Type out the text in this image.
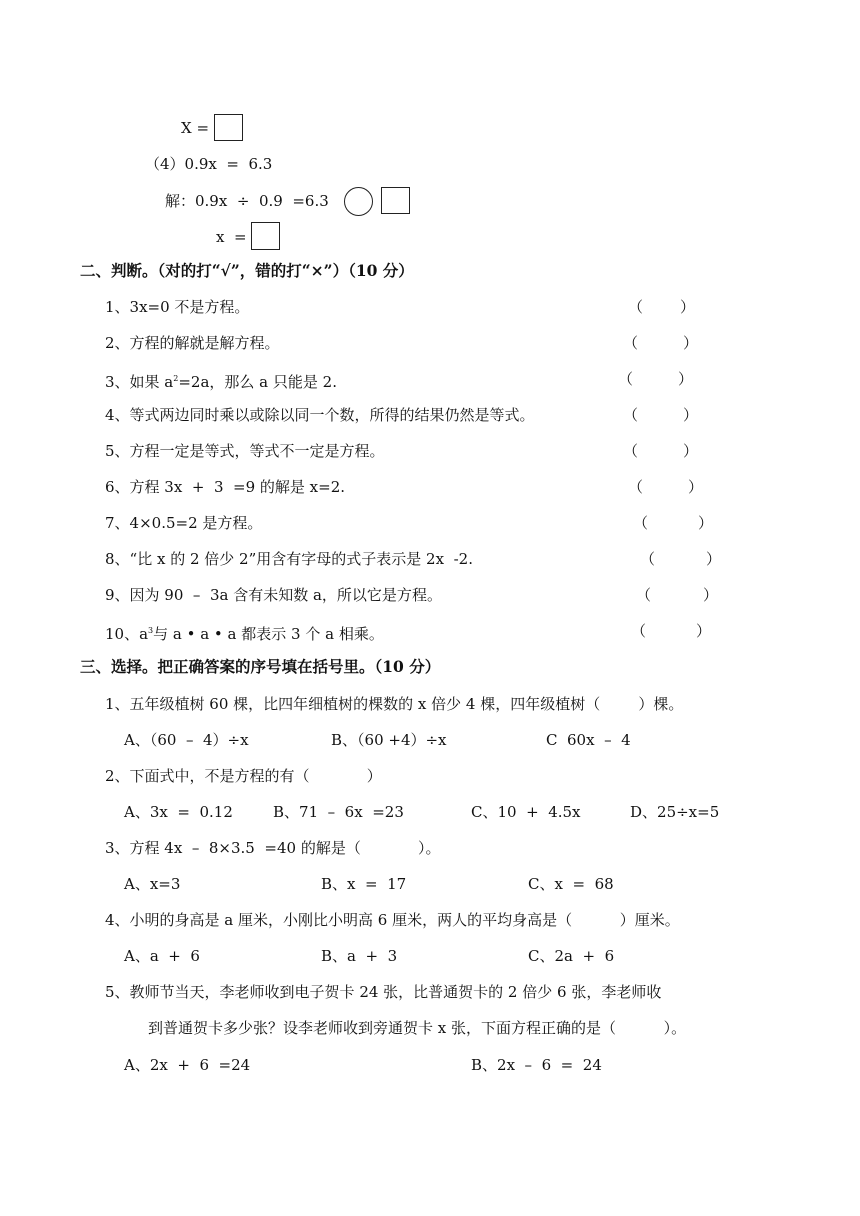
X =
（4）0.9x  =  6.3
解：0.9x  ÷  0.9  =6.3
x  =
二、判断。（对的打“√”，错的打“×”）（10 分）
1、3x=0 不是方程。	（ ）
2、方程的解就是解方程。	（	）
3、如果 $a^2=2a$，那么 a 只能是 2.	（	）
4、等式两边同时乘以或除以同一个数，所得的结果仍然是等式。	（	）
5、方程一定是等式，等式不一定是方程。	（	）
6、方程 3x  +  3  =9 的解是 x=2.	（	）
7、4×0.5=2 是方程。	（	）
8、“比 x 的 2 倍少 2”用含有字母的式子表示是 2x  -2.	（	）
9、因为 90  –  3a 含有未知数 a，所以它是方程。	（	）
10、$a^3$与 a • a • a 都表示 3 个 a 相乘。	（	）
三、选择。把正确答案的序号填在括号里。（10 分）
1、五年级植树 60 棵，比四年细植树的棵数的 x 倍少 4 棵，四年级植树（        ）棵。
A、（60  –  4）÷x	B、（60 +4）÷x	C  60x  –  4
2、下面式中，不是方程的有（            ）
A、3x  =  0.12	B、71  –  6x  =23	C、10  +  4.5x	D、25÷x=5
3、方程 4x  –  8×3.5  =40 的解是（            ）。
A、x=3	B、x  =  17	C、x  =  68
4、小明的身高是 a 厘米，小刚比小明高 6 厘米，两人的平均身高是（          ）厘米。
A、a  +  6	B、a  +  3	C、2a  +  6
5、教师节当天，李老师收到电子贺卡 24 张，比普通贺卡的 2 倍少 6 张，李老师收
到普通贺卡多少张？设李老师收到旁通贺卡 x 张，下面方程正确的是（          ）。
A、2x  +  6  =24	B、2x  –  6  =  24
